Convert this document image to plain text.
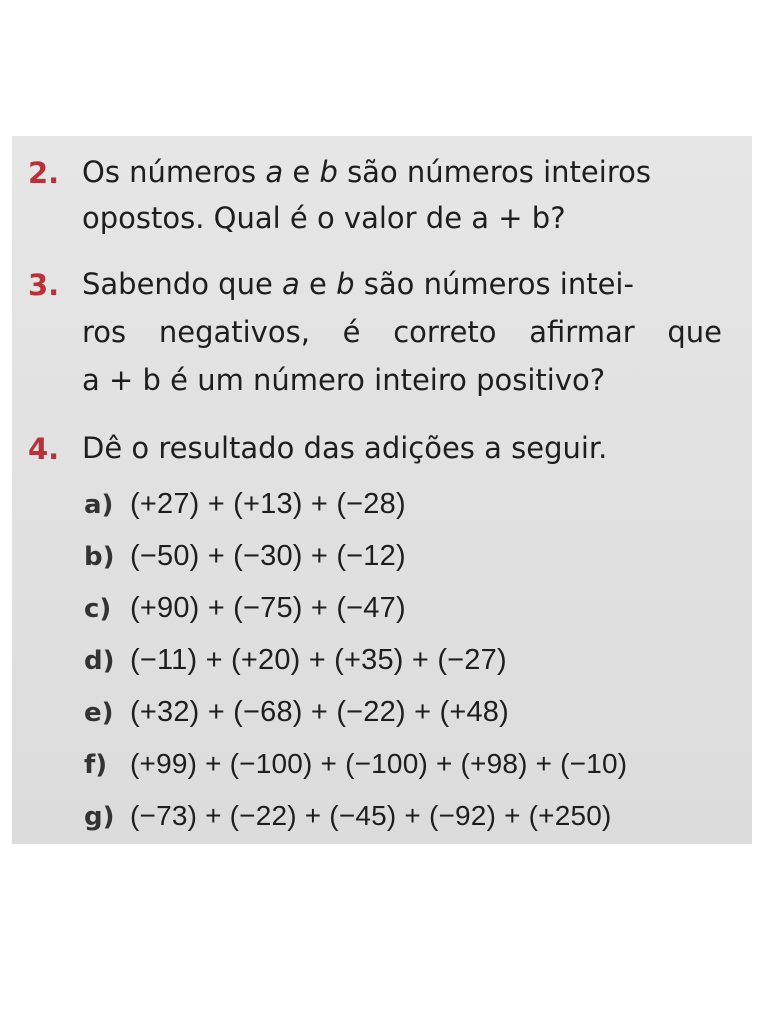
2. Os números a e b são números inteiros
opostos. Qual é o valor de a + b?
3. Sabendo que a e b são números intei-
ros negativos, é correto afirmar que
a + b é um número inteiro positivo?
4. Dê o resultado das adições a seguir.
a) (+27) + (+13) + (−28)
b) (−50) + (−30) + (−12)
c) (+90) + (−75) + (−47)
d) (−11) + (+20) + (+35) + (−27)
e) (+32) + (−68) + (−22) + (+48)
f) (+99) + (−100) + (−100) + (+98) + (−10)
g) (−73) + (−22) + (−45) + (−92) + (+250)
